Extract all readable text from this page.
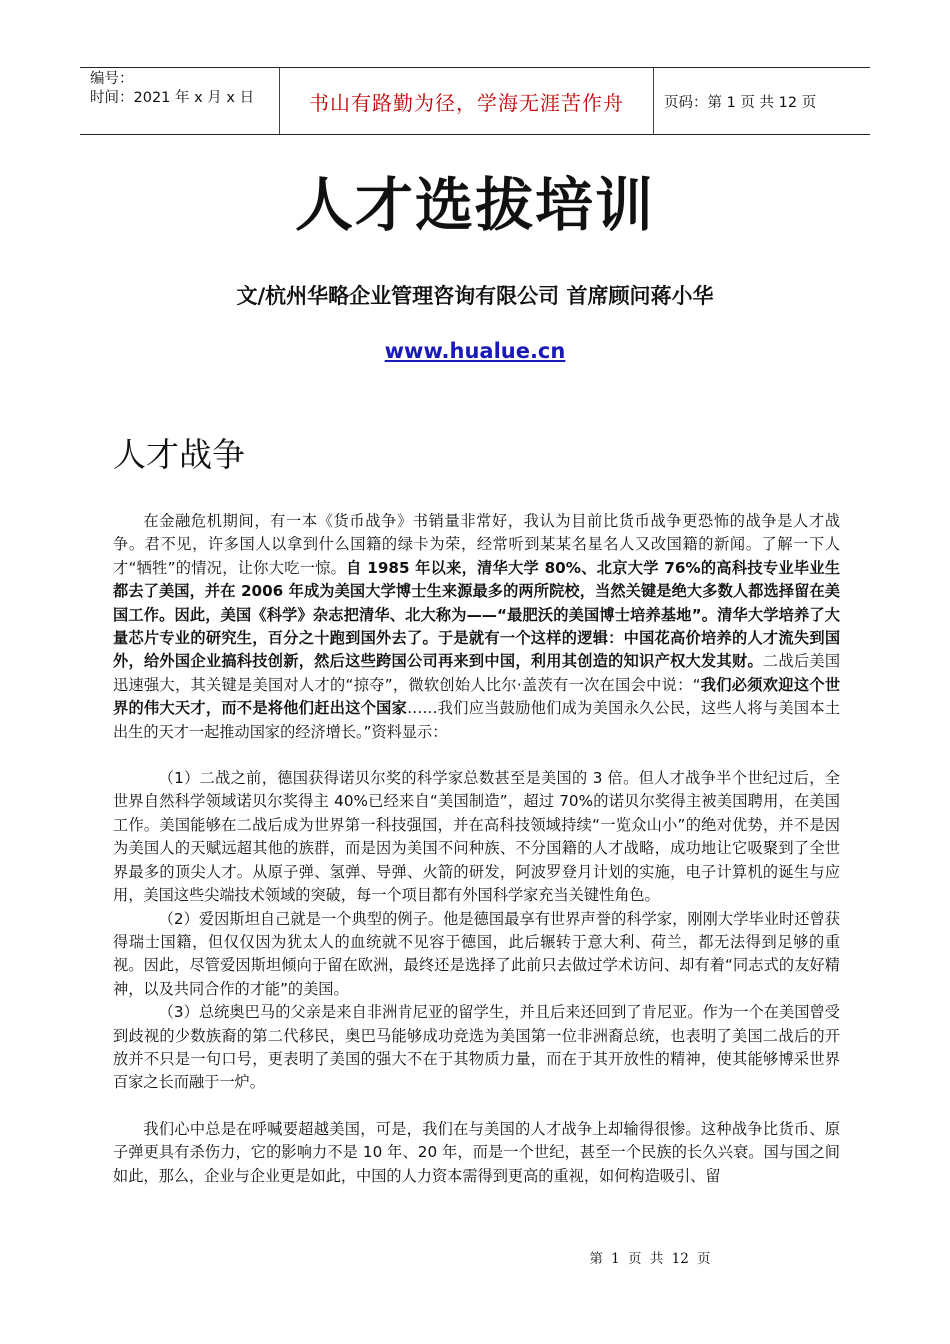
编号：
时间：2021 年 x 月 x 日	书山有路勤为径，学海无涯苦作舟	页码：第 1 页 共 12 页
人才选拔培训
文/杭州华略企业管理咨询有限公司 首席顾问蒋小华
www.hualue.cn
人才战争

在金融危机期间，有一本《货币战争》书销量非常好，我认为目前比货币战争更恐怖的战争是人才战争。君不见，许多国人以拿到什么国籍的绿卡为荣，经常听到某某名星名人又改国籍的新闻。了解一下人才“牺牲”的情况，让你大吃一惊。自 1985 年以来，清华大学 80%、北京大学 76%的高科技专业毕业生都去了美国，并在 2006 年成为美国大学博士生来源最多的两所院校，当然关键是绝大多数人都选择留在美国工作。因此，美国《科学》杂志把清华、北大称为——“最肥沃的美国博士培养基地”。清华大学培养了大量芯片专业的研究生，百分之十跑到国外去了。于是就有一个这样的逻辑：中国花高价培养的人才流失到国外，给外国企业搞科技创新，然后这些跨国公司再来到中国，利用其创造的知识产权大发其财。二战后美国迅速强大，其关键是美国对人才的“掠夺”，微软创始人比尔·盖茨有一次在国会中说：“我们必须欢迎这个世界的伟大天才，而不是将他们赶出这个国家……我们应当鼓励他们成为美国永久公民，这些人将与美国本土出生的天才一起推动国家的经济增长。”资料显示：

（1）二战之前，德国获得诺贝尔奖的科学家总数甚至是美国的 3 倍。但人才战争半个世纪过后，全世界自然科学领域诺贝尔奖得主 40%已经来自“美国制造”，超过 70%的诺贝尔奖得主被美国聘用，在美国工作。美国能够在二战后成为世界第一科技强国，并在高科技领域持续“一览众山小”的绝对优势，并不是因为美国人的天赋远超其他的族群，而是因为美国不问种族、不分国籍的人才战略，成功地让它吸聚到了全世界最多的顶尖人才。从原子弹、氢弹、导弹、火箭的研发，阿波罗登月计划的实施，电子计算机的诞生与应用，美国这些尖端技术领域的突破，每一个项目都有外国科学家充当关键性角色。

（2）爱因斯坦自己就是一个典型的例子。他是德国最享有世界声誉的科学家，刚刚大学毕业时还曾获得瑞士国籍，但仅仅因为犹太人的血统就不见容于德国，此后辗转于意大利、荷兰，都无法得到足够的重视。因此，尽管爱因斯坦倾向于留在欧洲，最终还是选择了此前只去做过学术访问、却有着“同志式的友好精神，以及共同合作的才能”的美国。

（3）总统奥巴马的父亲是来自非洲肯尼亚的留学生，并且后来还回到了肯尼亚。作为一个在美国曾受到歧视的少数族裔的第二代移民，奥巴马能够成功竞选为美国第一位非洲裔总统，也表明了美国二战后的开放并不只是一句口号，更表明了美国的强大不在于其物质力量，而在于其开放性的精神，使其能够博采世界百家之长而融于一炉。

我们心中总是在呼喊要超越美国，可是，我们在与美国的人才战争上却输得很惨。这种战争比货币、原子弹更具有杀伤力，它的影响力不是 10 年、20 年，而是一个世纪，甚至一个民族的长久兴衰。国与国之间如此，那么，企业与企业更是如此，中国的人力资本需得到更高的重视，如何构造吸引、留

第 1 页 共 12 页
